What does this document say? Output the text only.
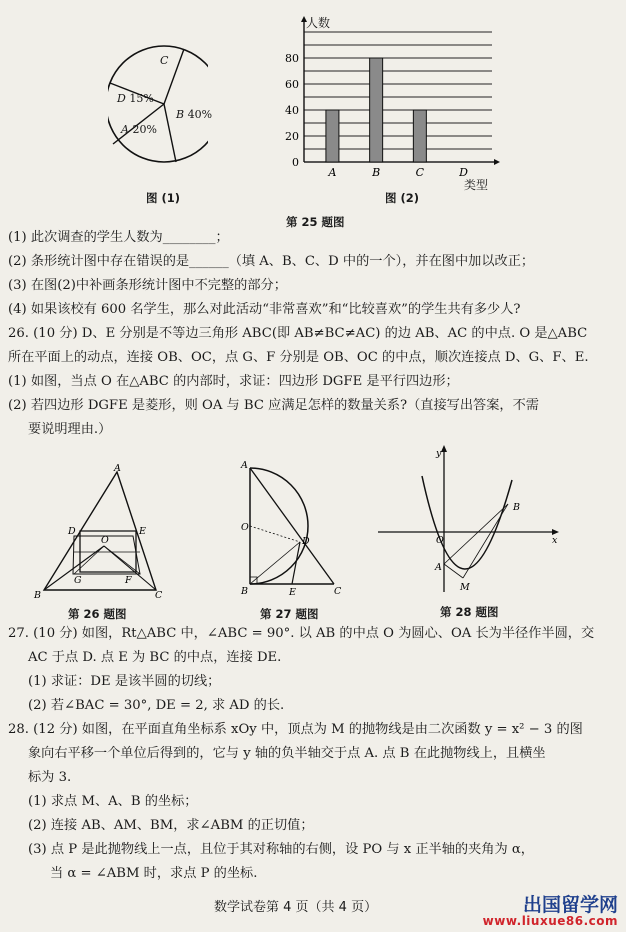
C
D 15%
B 40%
A 20%
图 (1)
0
20
40
60
80
A	B	C	D
人数
类型
图 (2)
第 25 题图
(1) 此次调查的学生人数为________；
(2) 条形统计图中存在错误的是______（填 A、B、C、D 中的一个），并在图中加以改正；
(3) 在图(2)中补画条形统计图中不完整的部分；
(4) 如果该校有 600 名学生，那么对此活动“非常喜欢”和“比较喜欢”的学生共有多少人?
26. (10 分) D、E 分别是不等边三角形 ABC(即 AB≠BC≠AC) 的边 AB、AC 的中点. O 是△ABC
所在平面上的动点，连接 OB、OC，点 G、F 分别是 OB、OC 的中点，顺次连接点 D、G、F、E.
(1) 如图，当点 O 在△ABC 的内部时，求证：四边形 DGFE 是平行四边形；
(2) 若四边形 DGFE 是菱形，则 OA 与 BC 应满足怎样的数量关系?（直接写出答案，不需
要说明理由.）
A
B	C
D	E
O
G	F
第 26 题图
A
O
D
B	E	C
第 27 题图
y
x
O
A
B
M
第 28 题图
27. (10 分) 如图，Rt△ABC 中，∠ABC = 90°. 以 AB 的中点 O 为圆心、OA 长为半径作半圆，交
AC 于点 D. 点 E 为 BC 的中点，连接 DE.
(1) 求证：DE 是该半圆的切线；
(2) 若∠BAC = 30°, DE = 2, 求 AD 的长.
28. (12 分) 如图，在平面直角坐标系 xOy 中，顶点为 M 的抛物线是由二次函数 y = x² − 3 的图
象向右平移一个单位后得到的，它与 y 轴的负半轴交于点 A. 点 B 在此抛物线上，且横坐
标为 3.
(1) 求点 M、A、B 的坐标；
(2) 连接 AB、AM、BM，求∠ABM 的正切值；
(3) 点 P 是此抛物线上一点，且位于其对称轴的右侧，设 PO 与 x 正半轴的夹角为 α，
当 α = ∠ABM 时，求点 P 的坐标.
数学试卷第 4 页（共 4 页）	出国留学网
www.liuxue86.com
